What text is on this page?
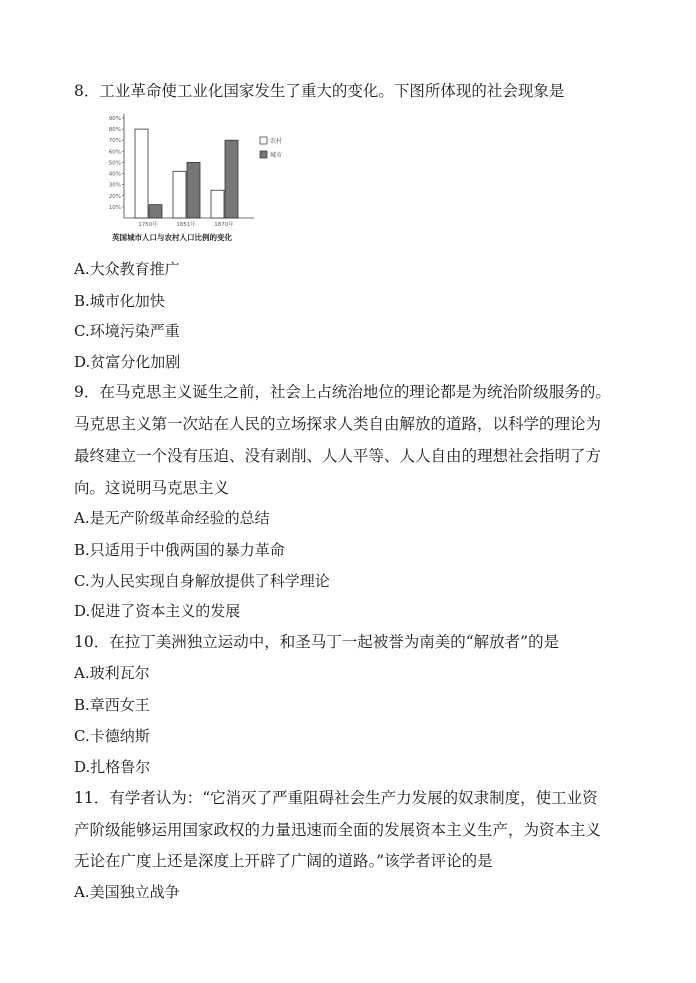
8．工业革命使工业化国家发生了重大的变化。下图所体现的社会现象是
10%
20%
30%
40%
50%
60%
70%
80%
90%
1750年	1851年	1870年
农村
城市
英国城市人口与农村人口比例的变化
A.大众教育推广
B.城市化加快
C.环境污染严重
D.贫富分化加剧
9．在马克思主义诞生之前，社会上占统治地位的理论都是为统治阶级服务的。
马克思主义第一次站在人民的立场探求人类自由解放的道路，以科学的理论为
最终建立一个没有压迫、没有剥削、人人平等、人人自由的理想社会指明了方
向。这说明马克思主义
A.是无产阶级革命经验的总结
B.只适用于中俄两国的暴力革命
C.为人民实现自身解放提供了科学理论
D.促进了资本主义的发展
10．在拉丁美洲独立运动中，和圣马丁一起被誉为南美的“解放者”的是
A.玻利瓦尔
B.章西女王
C.卡德纳斯
D.扎格鲁尔
11．有学者认为：“它消灭了严重阻碍社会生产力发展的奴隶制度，使工业资
产阶级能够运用国家政权的力量迅速而全面的发展资本主义生产，为资本主义
无论在广度上还是深度上开辟了广阔的道路。”该学者评论的是
A.美国独立战争
